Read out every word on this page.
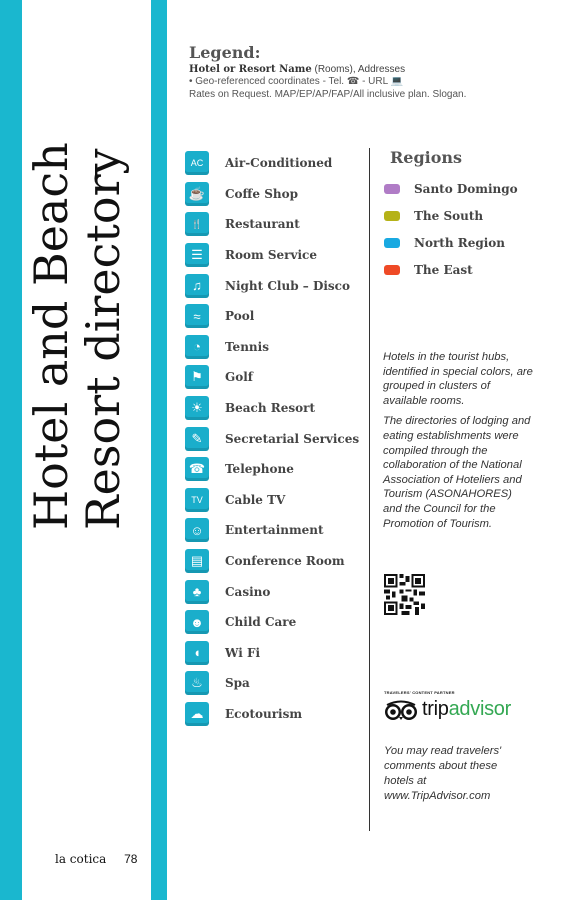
Hotel and Beach
Resort directory
la cotica 78
Legend:
Hotel or Resort Name (Rooms), Addresses
• Geo-referenced coordinates - Tel. ☎ - URL 💻
Rates on Request. MAP/EP/AP/FAP/All inclusive plan. Slogan.
AC	Air-Conditioned
☕	Coffe Shop
🍴	Restaurant
☰	Room Service
♫	Night Club – Disco
≈	Pool
◔	Tennis
⚑	Golf
☀	Beach Resort
✎	Secretarial Services
☎	Telephone
TV	Cable TV
☺	Entertainment
▤	Conference Room
♣	Casino
☻	Child Care
◖	Wi Fi
♨	Spa
☁	Ecotourism
Regions
Santo Domingo
The South
North Region
The East

Hotels in the tourist hubs, identified in special colors, are grouped in clusters of available rooms.

The directories of lodging and eating establishments were compiled through the collaboration of the National Association of Hoteliers and Tourism (ASONAHORES) and the Council for the Promotion of Tourism.

TRAVELERS' CONTENT PARTNER
tripadvisor
You may read travelers' comments about these hotels at www.TripAdvisor.com
